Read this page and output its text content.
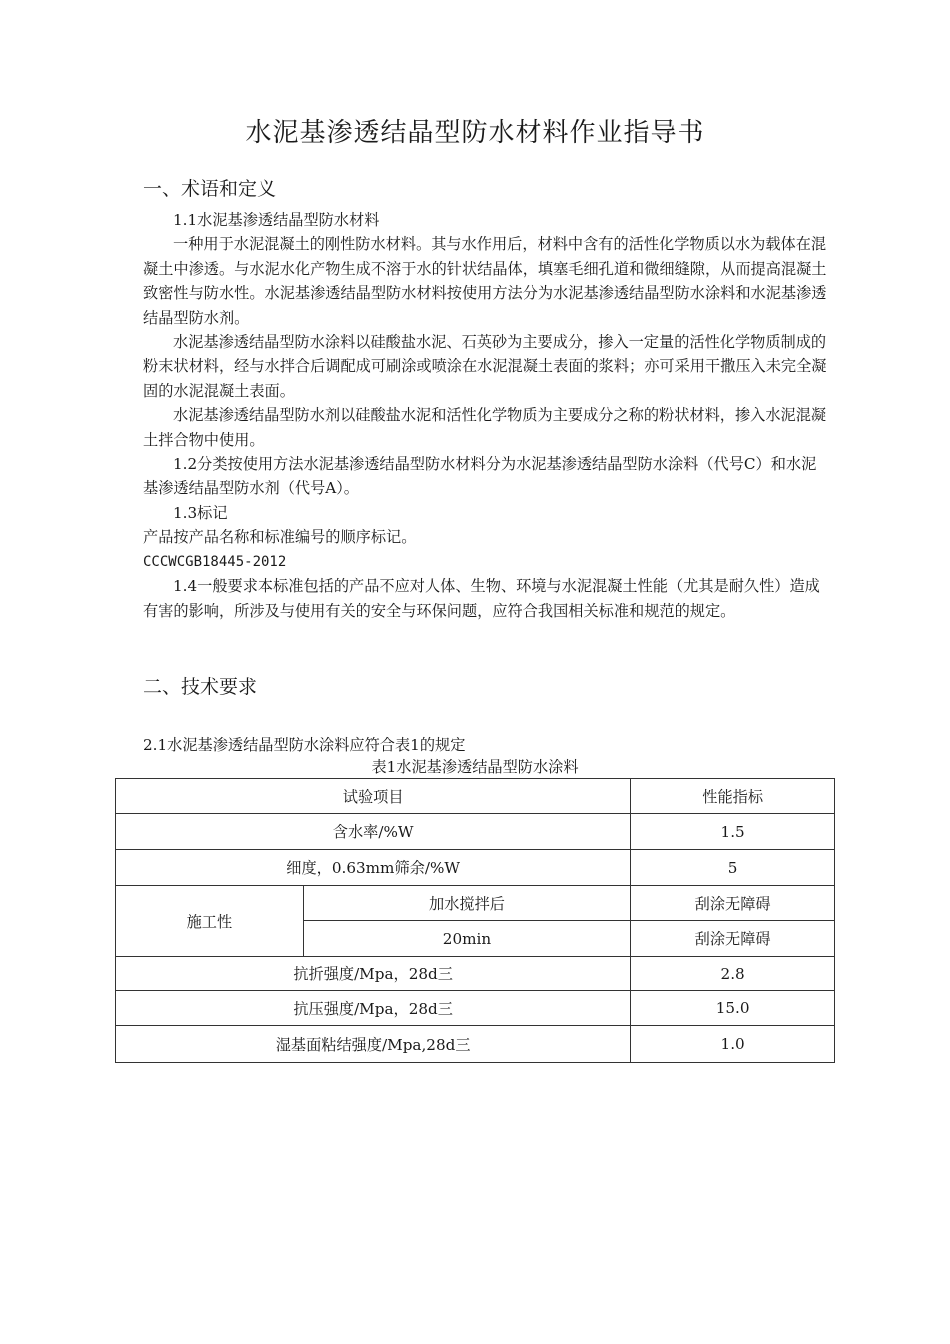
水泥基渗透结晶型防水材料作业指导书
一、术语和定义

1.1水泥基渗透结晶型防水材料

一种用于水泥混凝土的刚性防水材料。其与水作用后，材料中含有的活性化学物质以水为载体在混凝土中渗透。与水泥水化产物生成不溶于水的针状结晶体，填塞毛细孔道和微细缝隙，从而提高混凝土致密性与防水性。水泥基渗透结晶型防水材料按使用方法分为水泥基渗透结晶型防水涂料和水泥基渗透结晶型防水剂。

水泥基渗透结晶型防水涂料以硅酸盐水泥、石英砂为主要成分，掺入一定量的活性化学物质制成的粉末状材料，经与水拌合后调配成可刷涂或喷涂在水泥混凝土表面的浆料；亦可采用干撒压入未完全凝固的水泥混凝土表面。

水泥基渗透结晶型防水剂以硅酸盐水泥和活性化学物质为主要成分之称的粉状材料，掺入水泥混凝土拌合物中使用。

1.2分类按使用方法水泥基渗透结晶型防水材料分为水泥基渗透结晶型防水涂料（代号C）和水泥基渗透结晶型防水剂（代号A）。

1.3标记

产品按产品名称和标准编号的顺序标记。

CCCWCGB18445-2012

1.4一般要求本标准包括的产品不应对人体、生物、环境与水泥混凝土性能（尤其是耐久性）造成有害的影响，所涉及与使用有关的安全与环保问题，应符合我国相关标准和规范的规定。

二、技术要求
2.1水泥基渗透结晶型防水涂料应符合表1的规定
表1水泥基渗透结晶型防水涂料
试验项目		性能指标
含水率/%W		1.5
细度，0.63mm筛余/%W		5
施工性	加水搅拌后	刮涂无障碍
	20min	刮涂无障碍
抗折强度/Mpa，28d三		2.8
抗压强度/Mpa，28d三		15.0
湿基面粘结强度/Mpa,28d三		1.0
